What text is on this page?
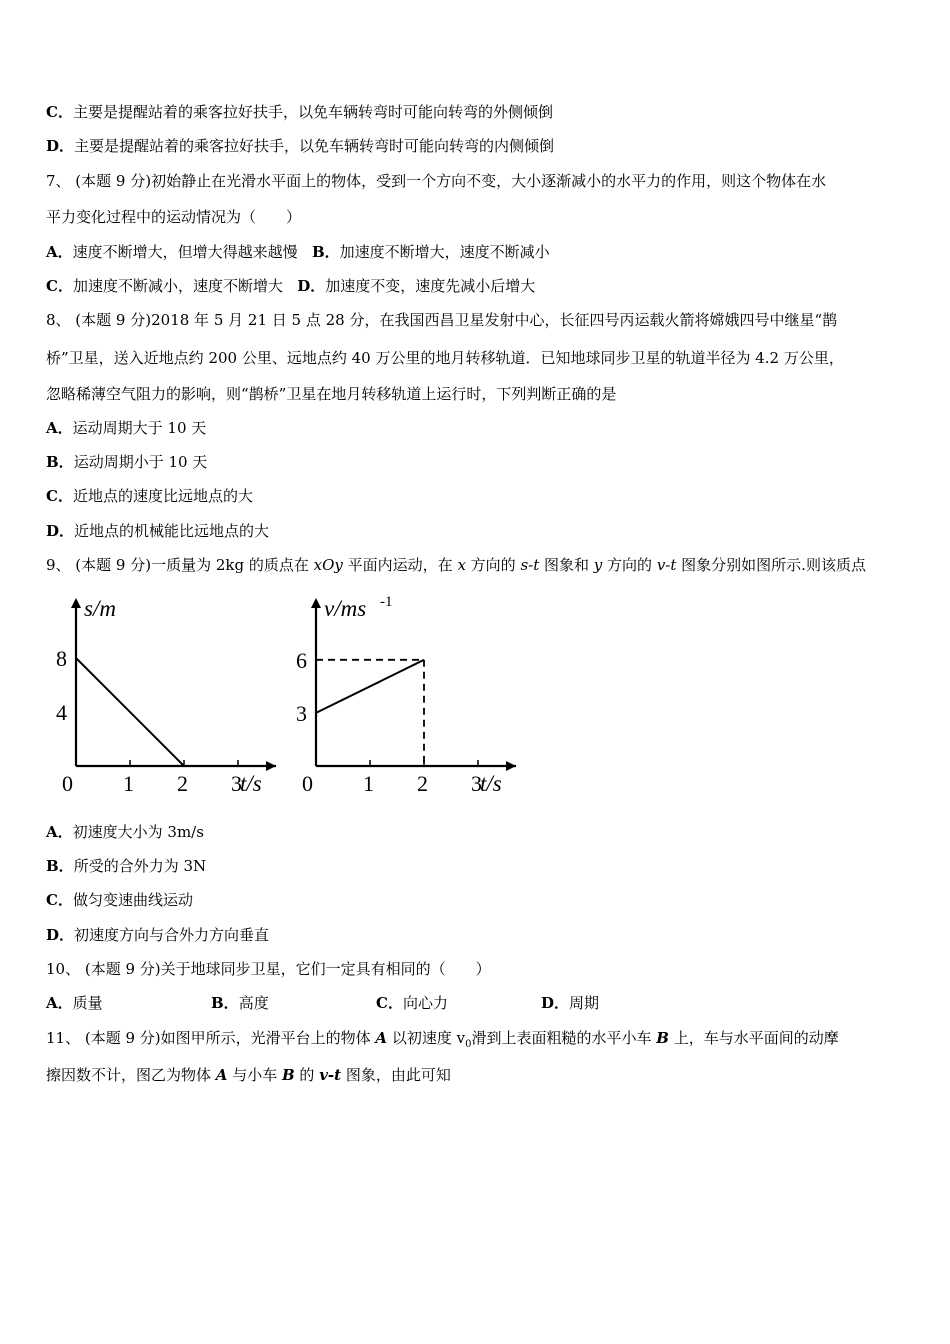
C．主要是提醒站着的乘客拉好扶手，以免车辆转弯时可能向转弯的外侧倾倒
D．主要是提醒站着的乘客拉好扶手，以免车辆转弯时可能向转弯的内侧倾倒
7、 (本题 9 分)初始静止在光滑水平面上的物体，受到一个方向不变，大小逐渐减小的水平力的作用，则这个物体在水
平力变化过程中的运动情况为（　　）
A．速度不断增大，但增大得越来越慢 B．加速度不断增大，速度不断减小
C．加速度不断减小，速度不断增大 D．加速度不变，速度先减小后增大
8、 (本题 9 分)2018 年 5 月 21 日 5 点 28 分，在我国西昌卫星发射中心，长征四号丙运载火箭将嫦娥四号中继星“鹊
桥”卫星，送入近地点约 200 公里、远地点约 40 万公里的地月转移轨道．已知地球同步卫星的轨道半径为 4.2 万公里，
忽略稀薄空气阻力的影响，则“鹊桥”卫星在地月转移轨道上运行时，下列判断正确的是
A．运动周期大于 10 天
B．运动周期小于 10 天
C．近地点的速度比远地点的大
D．近地点的机械能比远地点的大
9、 (本题 9 分)一质量为 2kg 的质点在 xOy 平面内运动，在 x 方向的 s-t 图象和 y 方向的 v-t 图象分别如图所示.则该质点
s/m
t/s
0 1 2 3
4
8
v/ms -1
t/s
0 1 2 3
3
6
A．初速度大小为 3m/s
B．所受的合外力为 3N
C．做匀变速曲线运动
D．初速度方向与合外力方向垂直
10、 (本题 9 分)关于地球同步卫星，它们一定具有相同的（　　）
A．质量	B．高度	C．向心力	D．周期
11、 (本题 9 分)如图甲所示，光滑平台上的物体 A 以初速度 $v_0$滑到上表面粗糙的水平小车 B 上，车与水平面间的动摩
擦因数不计，图乙为物体 A 与小车 B 的 v-t 图象，由此可知
